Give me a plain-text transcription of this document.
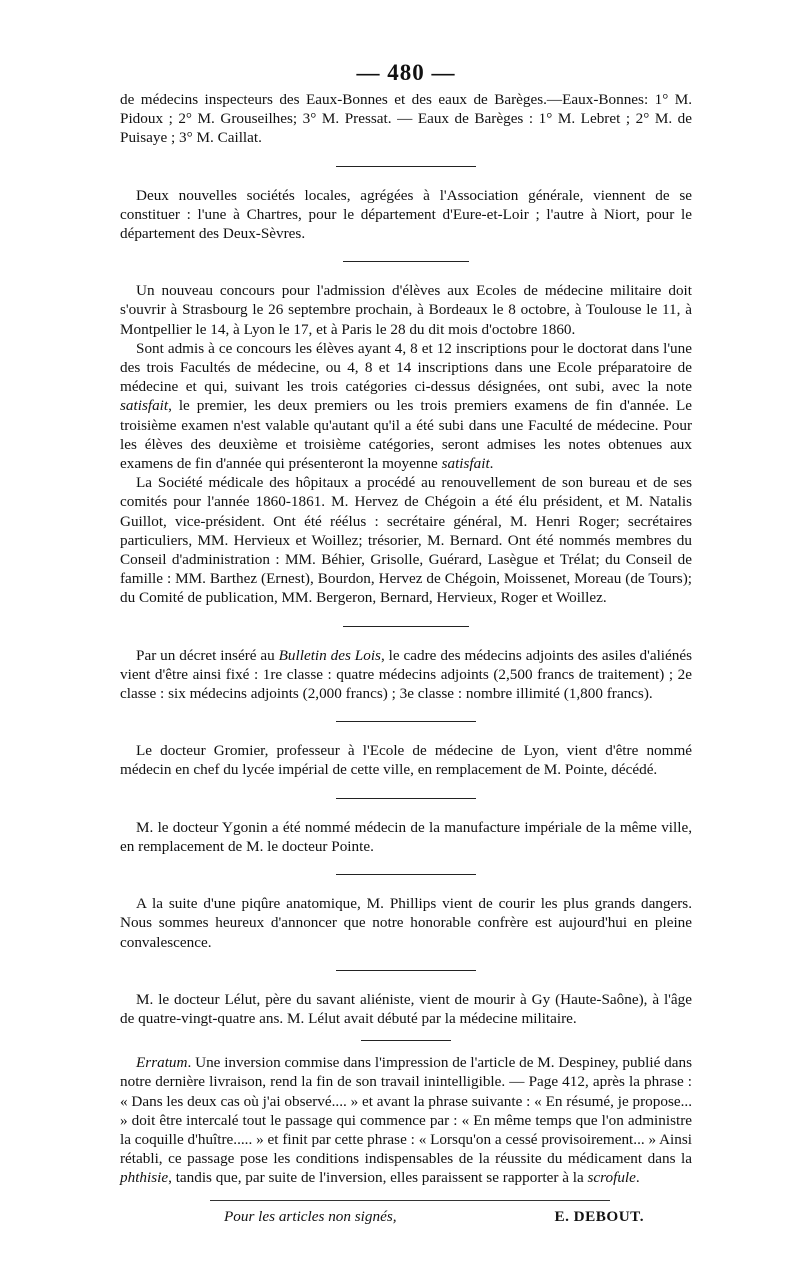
— 480 —

de médecins inspecteurs des Eaux-Bonnes et des eaux de Barèges.—Eaux-Bonnes: 1° M. Pidoux ; 2° M. Grouseilhes; 3° M. Pressat. — Eaux de Barèges : 1° M. Lebret ; 2° M. de Puisaye ; 3° M. Caillat.

Deux nouvelles sociétés locales, agrégées à l'Association générale, viennent de se constituer : l'une à Chartres, pour le département d'Eure-et-Loir ; l'autre à Niort, pour le département des Deux-Sèvres.

Un nouveau concours pour l'admission d'élèves aux Ecoles de médecine militaire doit s'ouvrir à Strasbourg le 26 septembre prochain, à Bordeaux le 8 octobre, à Toulouse le 11, à Montpellier le 14, à Lyon le 17, et à Paris le 28 du dit mois d'octobre 1860.

Sont admis à ce concours les élèves ayant 4, 8 et 12 inscriptions pour le doctorat dans l'une des trois Facultés de médecine, ou 4, 8 et 14 inscriptions dans une Ecole préparatoire de médecine et qui, suivant les trois catégories ci-dessus désignées, ont subi, avec la note satisfait, le premier, les deux premiers ou les trois premiers examens de fin d'année. Le troisième examen n'est valable qu'autant qu'il a été subi dans une Faculté de médecine. Pour les élèves des deuxième et troisième catégories, seront admises les notes obtenues aux examens de fin d'année qui présenteront la moyenne satisfait.

La Société médicale des hôpitaux a procédé au renouvellement de son bureau et de ses comités pour l'année 1860-1861. M. Hervez de Chégoin a été élu président, et M. Natalis Guillot, vice-président. Ont été réélus : secrétaire général, M. Henri Roger; secrétaires particuliers, MM. Hervieux et Woillez; trésorier, M. Bernard. Ont été nommés membres du Conseil d'administration : MM. Béhier, Grisolle, Guérard, Lasègue et Trélat; du Conseil de famille : MM. Barthez (Ernest), Bourdon, Hervez de Chégoin, Moissenet, Moreau (de Tours); du Comité de publication, MM. Bergeron, Bernard, Hervieux, Roger et Woillez.

Par un décret inséré au Bulletin des Lois, le cadre des médecins adjoints des asiles d'aliénés vient d'être ainsi fixé : 1re classe : quatre médecins adjoints (2,500 francs de traitement) ; 2e classe : six médecins adjoints (2,000 francs) ; 3e classe : nombre illimité (1,800 francs).

Le docteur Gromier, professeur à l'Ecole de médecine de Lyon, vient d'être nommé médecin en chef du lycée impérial de cette ville, en remplacement de M. Pointe, décédé.

M. le docteur Ygonin a été nommé médecin de la manufacture impériale de la même ville, en remplacement de M. le docteur Pointe.

A la suite d'une piqûre anatomique, M. Phillips vient de courir les plus grands dangers. Nous sommes heureux d'annoncer que notre honorable confrère est aujourd'hui en pleine convalescence.

M. le docteur Lélut, père du savant aliéniste, vient de mourir à Gy (Haute-Saône), à l'âge de quatre-vingt-quatre ans. M. Lélut avait débuté par la médecine militaire.

Erratum. Une inversion commise dans l'impression de l'article de M. Despiney, publié dans notre dernière livraison, rend la fin de son travail inintelligible. — Page 412, après la phrase : « Dans les deux cas où j'ai observé.... » et avant la phrase suivante : « En résumé, je propose... » doit être intercalé tout le passage qui commence par : « En même temps que l'on administre la coquille d'huître..... » et finit par cette phrase : « Lorsqu'on a cessé provisoirement... » Ainsi rétabli, ce passage pose les conditions indispensables de la réussite du médicament dans la phthisie, tandis que, par suite de l'inversion, elles paraissent se rapporter à la scrofule.

Pour les articles non signés,	E. DEBOUT.
